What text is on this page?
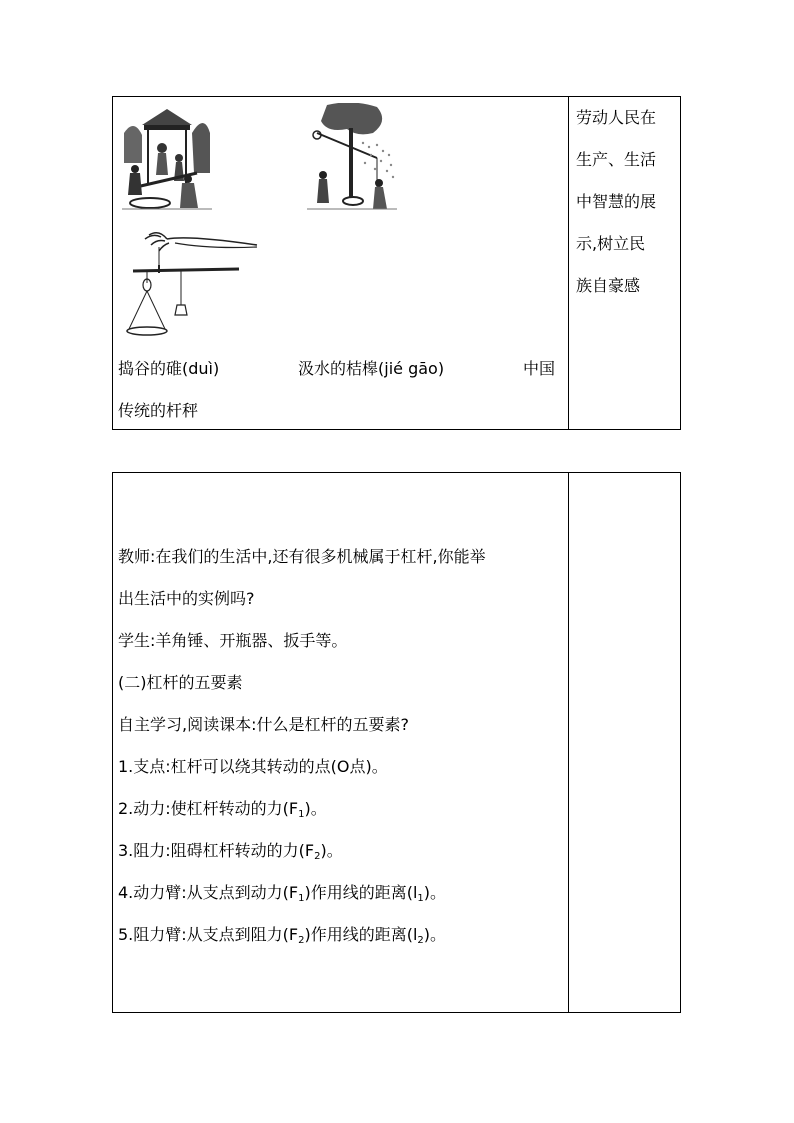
捣谷的碓(duì)	汲水的桔槔(jié gāo)	中国
传统的杆秤
劳动人民在
生产、生活
中智慧的展
示,树立民
族自豪感
教师:在我们的生活中,还有很多机械属于杠杆,你能举
出生活中的实例吗?
学生:羊角锤、开瓶器、扳手等。
(二)杠杆的五要素
自主学习,阅读课本:什么是杠杆的五要素?
1.支点:杠杆可以绕其转动的点(O点)。
2.动力:使杠杆转动的力$(F_1)$。
3.阻力:阻碍杠杆转动的力$(F_2)$。
4.动力臂:从支点到动力$(F_1)$作用线的距离$(l_1)$。
5.阻力臂:从支点到阻力$(F_2)$作用线的距离$(l_2)$。
